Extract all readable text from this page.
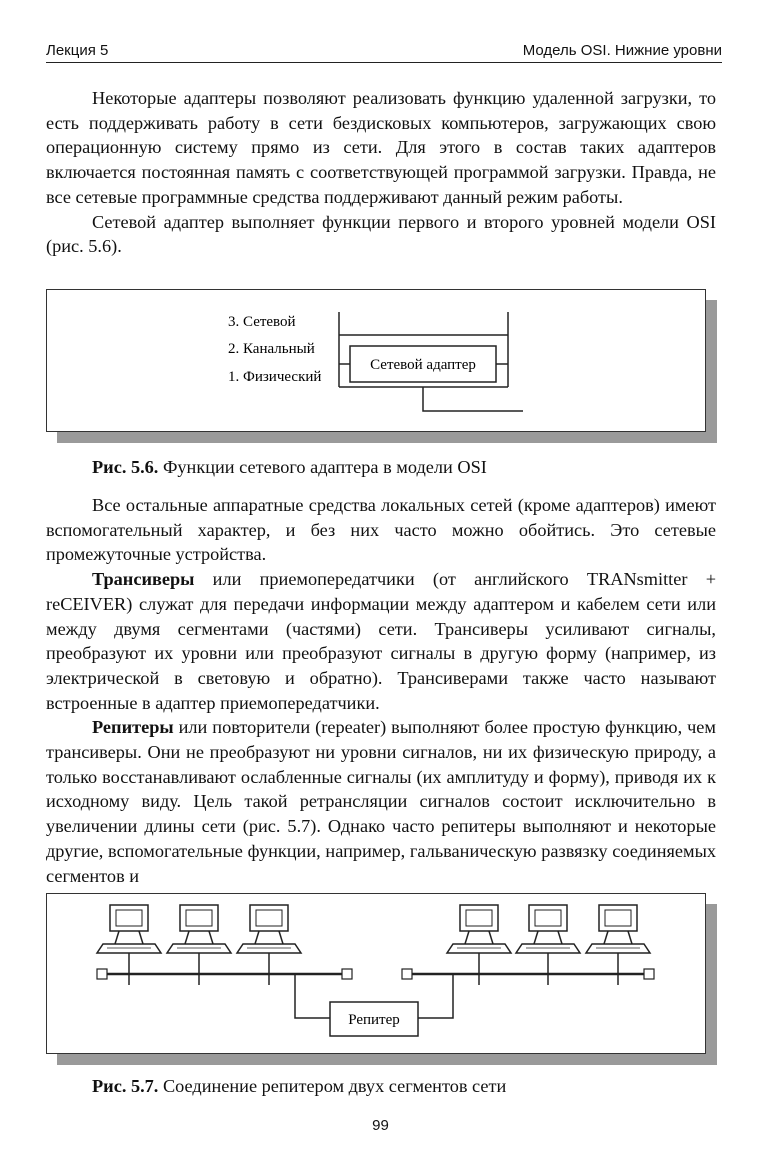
Лекция 5	Модель OSI. Нижние уровни

Некоторые адаптеры позволяют реализовать функцию удаленной загрузки, то есть поддерживать работу в сети бездисковых компьютеров, загружающих свою операционную систему прямо из сети. Для этого в состав таких адаптеров включается постоянная память с соответствующей программой загрузки. Правда, не все сетевые программные средства поддерживают данный режим работы.

Сетевой адаптер выполняет функции первого и второго уровней модели OSI (рис. 5.6).

3. Сетевой
2. Канальный
1. Физический
Сетевой адаптер
Рис. 5.6. Функции сетевого адаптера в модели OSI

Все остальные аппаратные средства локальных сетей (кроме адаптеров) имеют вспомогательный характер, и без них часто можно обойтись. Это сетевые промежуточные устройства.

Трансиверы или приемопередатчики (от английского TRANsmitter + reCEIVER) служат для передачи информации между адаптером и кабелем сети или между двумя сегментами (частями) сети. Трансиверы усиливают сигналы, преобразуют их уровни или преобразуют сигналы в другую форму (например, из электрической в световую и обратно). Трансиверами также часто называют встроенные в адаптер приемопередатчики.

Репитеры или повторители (repeater) выполняют более простую функцию, чем трансиверы. Они не преобразуют ни уровни сигналов, ни их физическую природу, а только восстанавливают ослабленные сигналы (их амплитуду и форму), приводя их к исходному виду. Цель такой ретрансляции сигналов состоит исключительно в увеличении длины сети (рис. 5.7). Однако часто репитеры выполняют и некоторые другие, вспомогательные функции, например, гальваническую развязку соединяемых сегментов и

Репитер
Рис. 5.7. Соединение репитером двух сегментов сети
99
